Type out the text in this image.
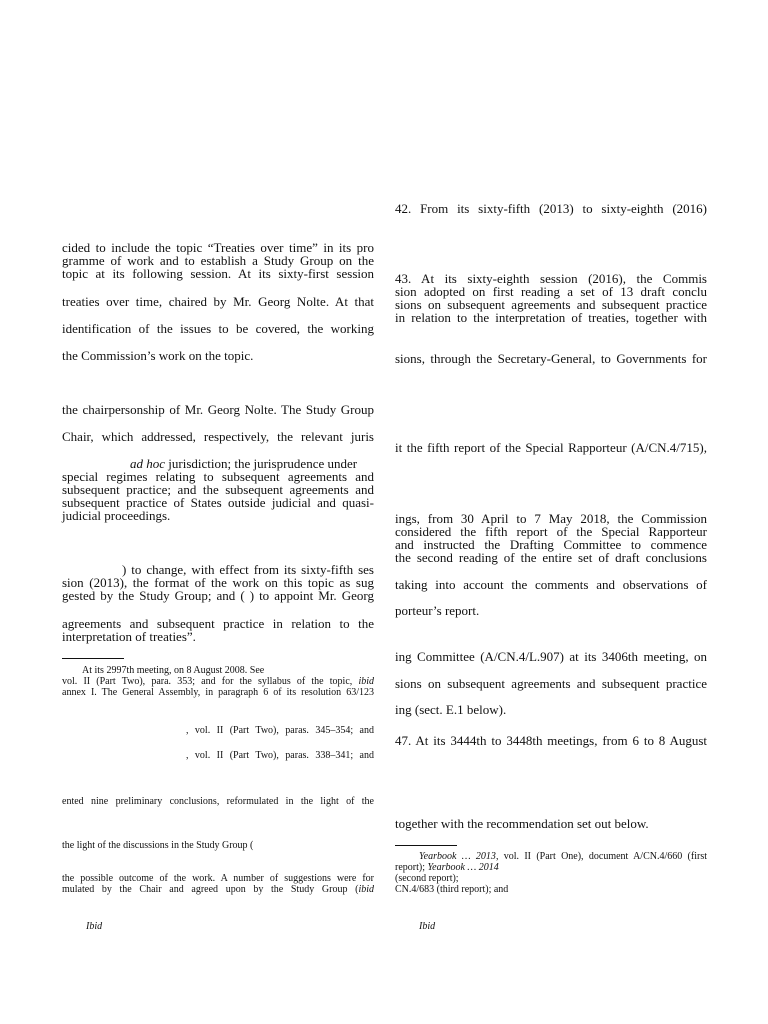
cided to include the topic “Treaties over time” in its pro
gramme of work and to establish a Study Group on the
topic at its following session. At its sixty-first session
treaties over time, chaired by Mr. Georg Nolte. At that
identification of the issues to be covered, the working
the Commission’s work on the topic.
the chairpersonship of Mr. Georg Nolte. The Study Group
Chair, which addressed, respectively, the relevant juris
ad hoc jurisdiction; the jurisprudence under
special regimes relating to subsequent agreements and
subsequent practice; and the subsequent agreements and
subsequent practice of States outside judicial and quasi-
judicial proceedings.
) to change, with effect from its sixty-fifth ses
sion (2013), the format of the work on this topic as sug
gested by the Study Group; and ( ) to appoint Mr. Georg
agreements and subsequent practice in relation to the
interpretation of treaties”.
At its 2997th meeting, on 8 August 2008. See
vol. II (Part Two), para. 353; and for the syllabus of the topic, ibid
annex I. The General Assembly, in paragraph 6 of its resolution 63/123
, vol. II (Part Two), paras. 345–354; and
, vol. II (Part Two), paras. 338–341; and
ented nine preliminary conclusions, reformulated in the light of the
the light of the discussions in the Study Group (
the possible outcome of the work. A number of suggestions were for
mulated by the Chair and agreed upon by the Study Group (ibid
Ibid
42. From its sixty-fifth (2013) to sixty-eighth (2016)
43. At its sixty-eighth session (2016), the Commis
sion adopted on first reading a set of 13 draft conclu
sions on subsequent agreements and subsequent practice
in relation to the interpretation of treaties, together with
sions, through the Secretary-General, to Governments for
it the fifth report of the Special Rapporteur (A/CN.4/715),
ings, from 30 April to 7 May 2018, the Commission
considered the fifth report of the Special Rapporteur
and instructed the Drafting Committee to commence
the second reading of the entire set of draft conclusions
taking into account the comments and observations of
porteur’s report.
ing Committee (A/CN.4/L.907) at its 3406th meeting, on
sions on subsequent agreements and subsequent practice
ing (sect. E.1 below).
47. At its 3444th to 3448th meetings, from 6 to 8 August
together with the recommendation set out below.
Yearbook … 2013, vol. II (Part One), document A/CN.4/660 (first
report); Yearbook … 2014
(second report);
CN.4/683 (third report); and
Ibid
